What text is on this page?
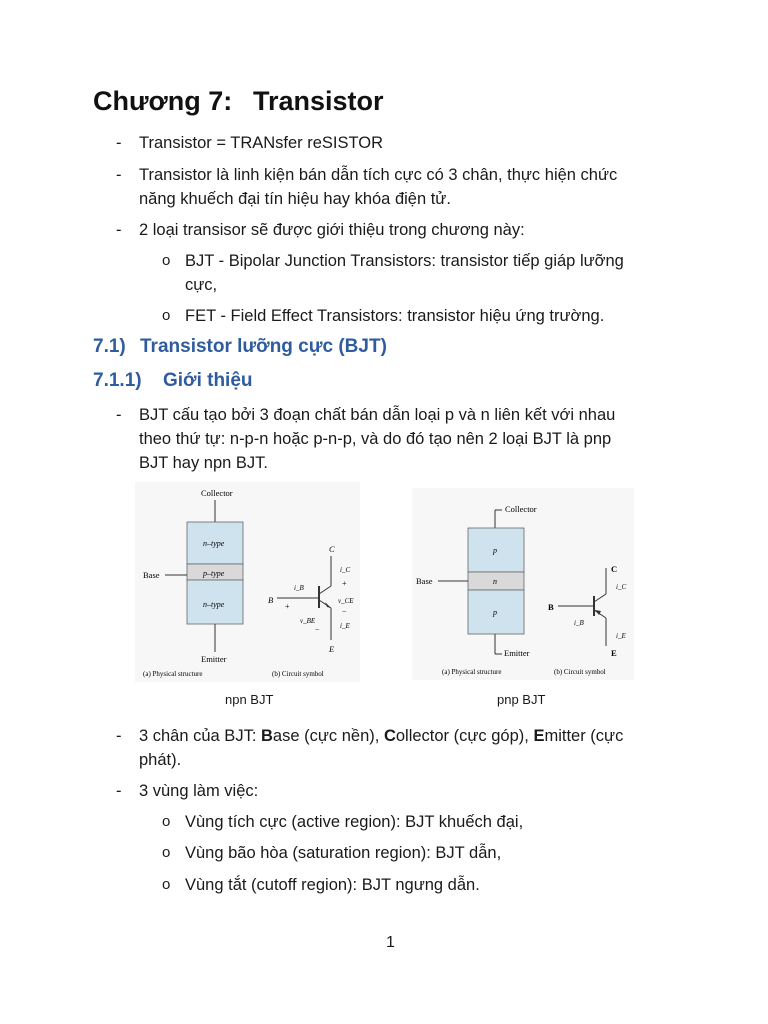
Chương 7: Transistor
- Transistor = TRANsfer reSISTOR
- Transistor là linh kiện bán dẫn tích cực có 3 chân, thực hiện chức
năng khuếch đại tín hiệu hay khóa điện tử.
- 2 loại transisor sẽ được giới thiệu trong chương này:
o BJT - Bipolar Junction Transistors: transistor tiếp giáp lưỡng
cực,
o FET - Field Effect Transistors: transistor hiệu ứng trường.
7.1) Transistor lưỡng cực (BJT)
7.1.1) Giới thiệu
- BJT cấu tạo bởi 3 đoạn chất bán dẫn loại p và n liên kết với nhau
theo thứ tự: n-p-n hoặc p-n-p, và do đó tạo nên 2 loại BJT là pnp
BJT hay npn BJT.
Collector
n–type
p–type
n–type
Base
Emitter
(a) Physical structure
C
E
B
i_B
i_C
i_E
v_CE
v_BE
+
+
−
−
(b) Circuit symbol
Collector
p
n
p
Base
Emitter
(a) Physical structure
C
E
B
i_B
i_C
i_E
(b) Circuit symbol
npn BJT	pnp BJT
- 3 chân của BJT: Base (cực nền), Collector (cực góp), Emitter (cực
phát).
- 3 vùng làm việc:
o Vùng tích cực (active region): BJT khuếch đại,
o Vùng bão hòa (saturation region): BJT dẫn,
o Vùng tắt (cutoff region): BJT ngưng dẫn.
1
